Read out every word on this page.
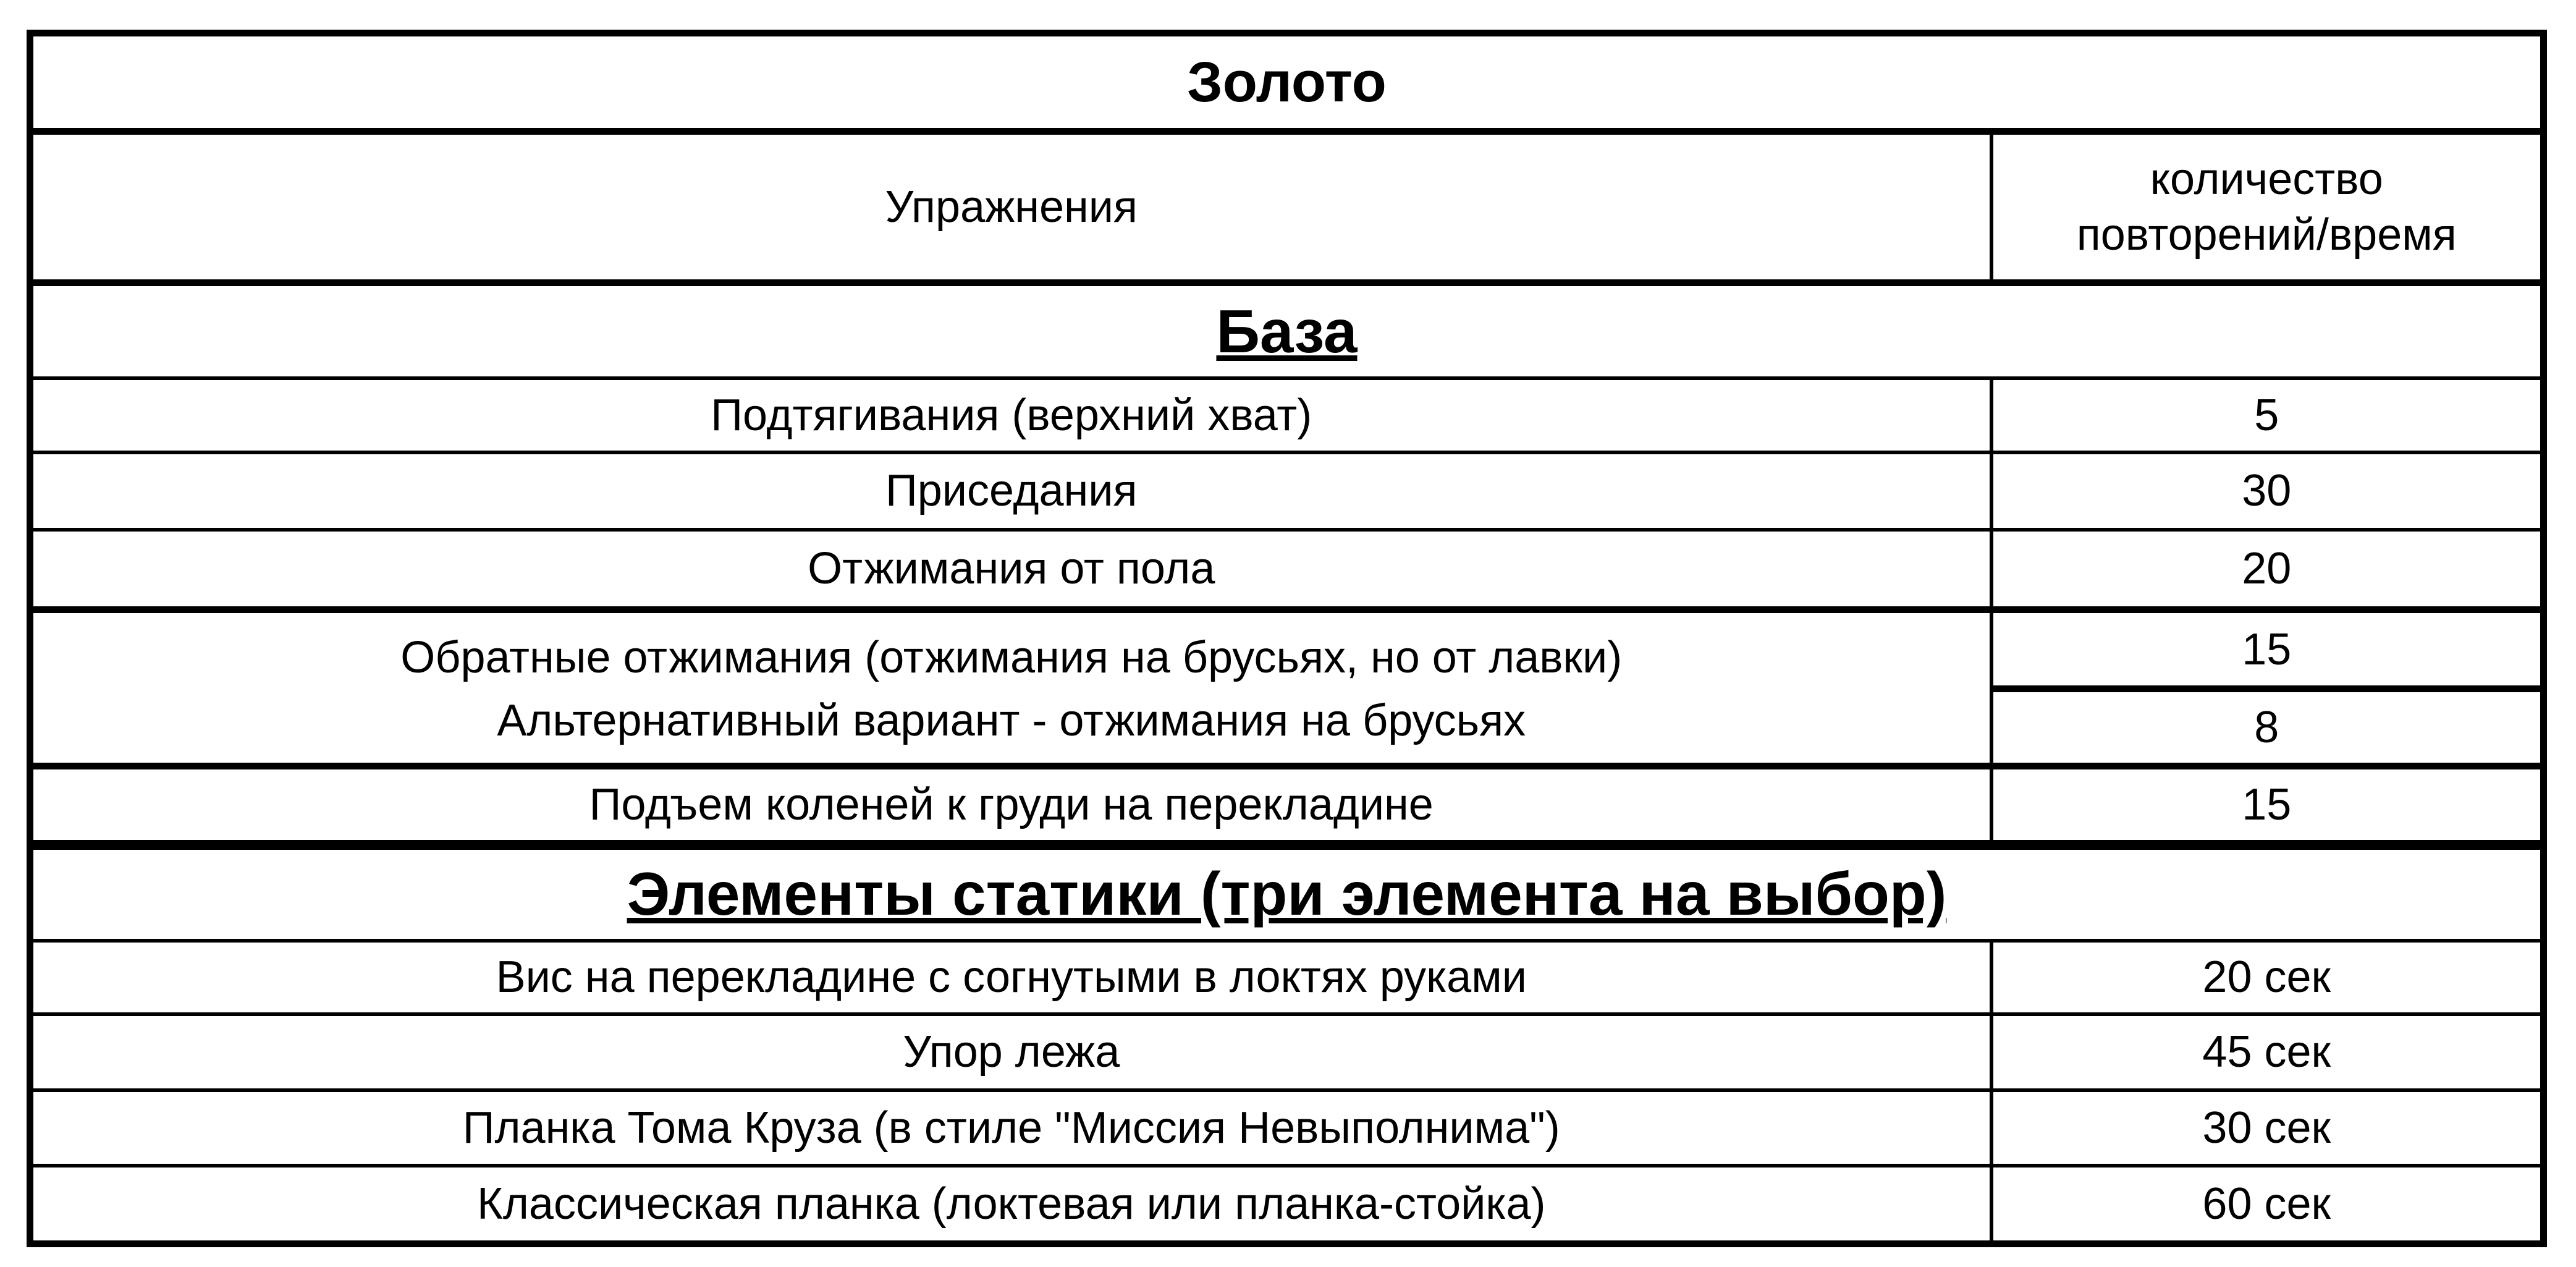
Золото	
Упражнения	количество повторений/время
База	
Подтягивания (верхний хват)	5
Приседания	30
Отжимания от пола	20
Обратные отжимания (отжимания на брусьях, но от лавки)	15
Альтернативный вариант - отжимания на брусьях	8
Подъем коленей к груди на перекладине	15
Элементы статики (три элемента на выбор)	
Вис на перекладине с согнутыми в локтях руками	20 сек
Упор лежа	45 сек
Планка Тома Круза (в стиле "Миссия Невыполнима")	30 сек
Классическая планка (локтевая или планка-стойка)	60 сек
